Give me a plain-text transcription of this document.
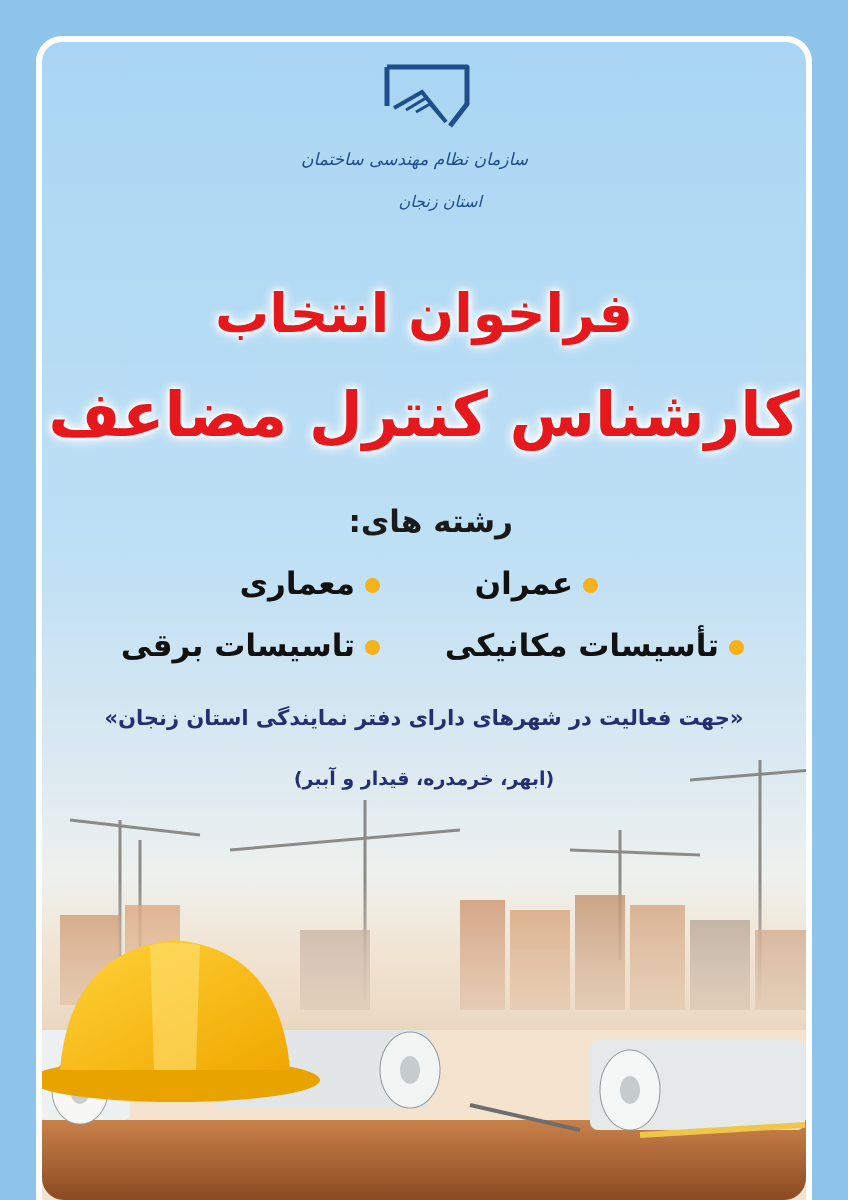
سازمان نظام مهندسی ساختمان
استان زنجان
فراخوان انتخاب
کارشناس کنترل مضاعف
رشته های:
عمران
معماری
تأسیسات مکانیکی
تاسیسات برقی
«جهت فعالیت در شهرهای دارای دفتر نمایندگی استان زنجان»
(ابهر، خرمدره، قیدار و آببر)
